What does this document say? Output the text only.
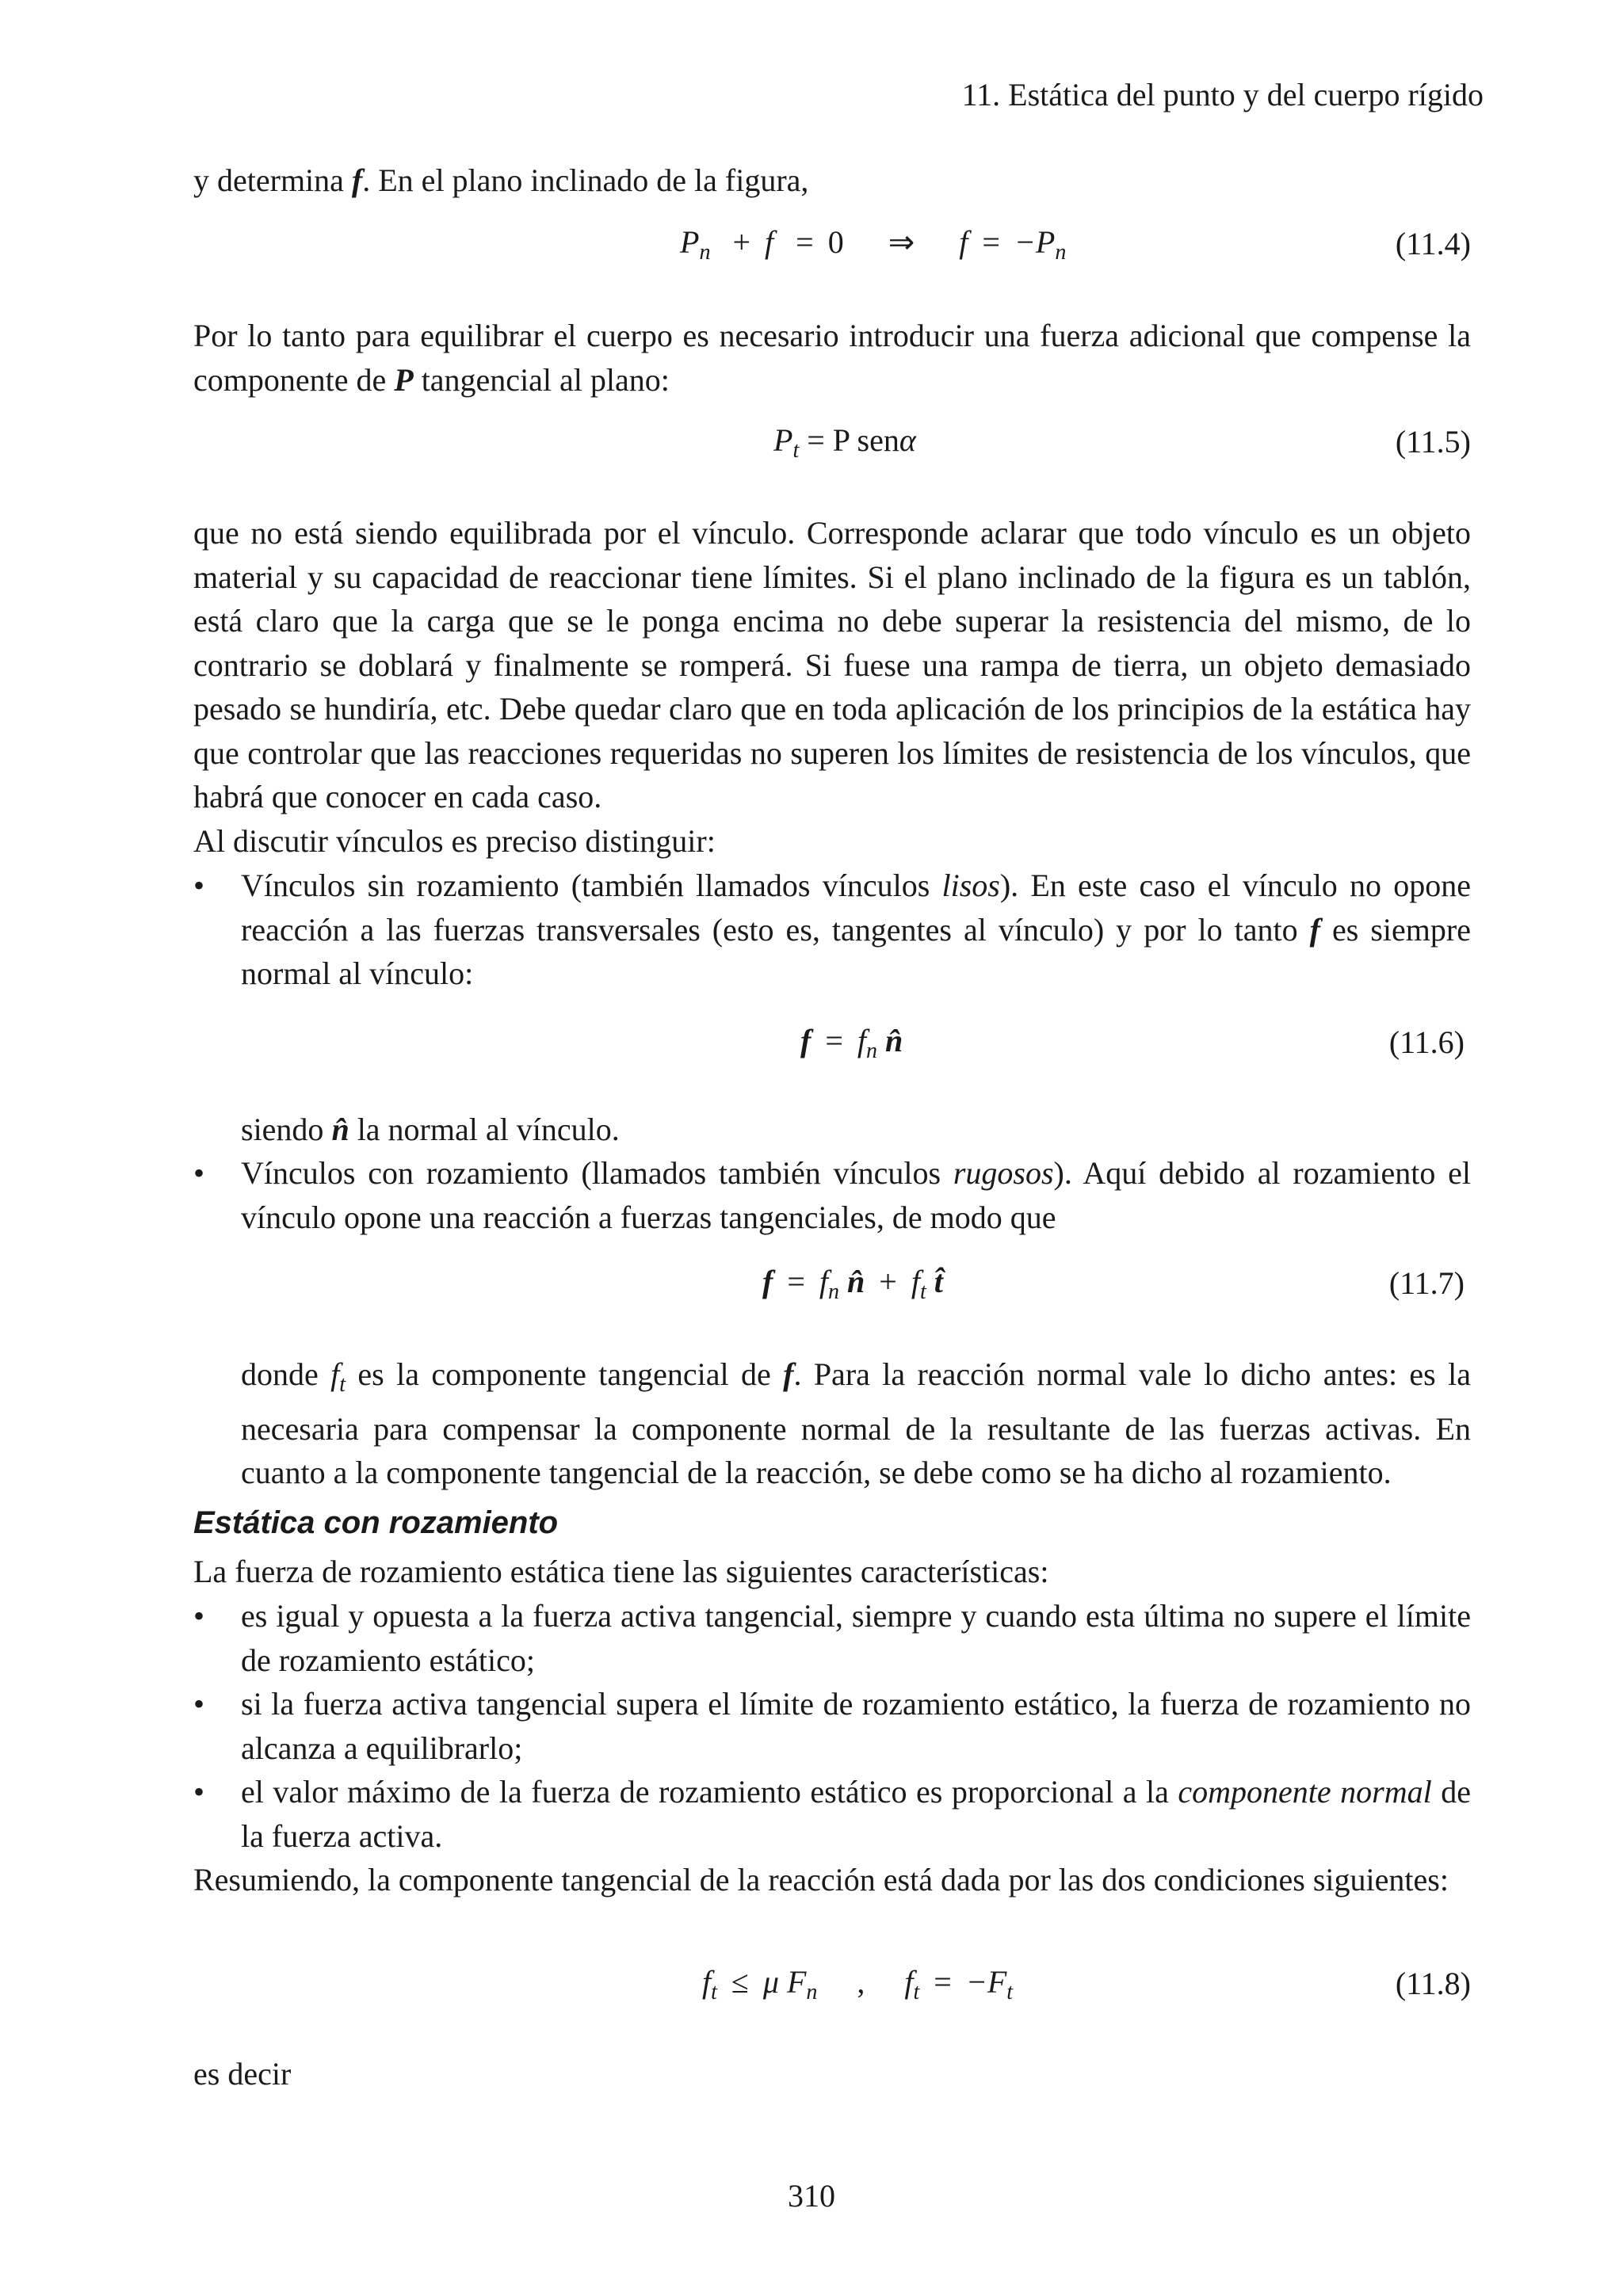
11. Estática del punto y del cuerpo rígido

y determina f. En el plano inclinado de la figura,

$P_n + f = 0$ ⇒ $f = -P_n$	(11.4)

Por lo tanto para equilibrar el cuerpo es necesario introducir una fuerza adicional que compense la componente de P tangencial al plano:

$P_t = P$ senα	(11.5)

que no está siendo equilibrada por el vínculo. Corresponde aclarar que todo vínculo es un objeto material y su capacidad de reaccionar tiene límites. Si el plano inclinado de la figura es un tablón, está claro que la carga que se le ponga encima no debe superar la resistencia del mismo, de lo contrario se doblará y finalmente se romperá. Si fuese una rampa de tierra, un objeto demasiado pesado se hundiría, etc. Debe quedar claro que en toda aplicación de los principios de la estática hay que controlar que las reacciones requeridas no superen los límites de resistencia de los vínculos, que habrá que conocer en cada caso.

Al discutir vínculos es preciso distinguir:

• Vínculos sin rozamiento (también llamados vínculos lisos). En este caso el vínculo no opone reacción a las fuerzas transversales (esto es, tangentes al vínculo) y por lo tanto f es siempre normal al vínculo:

$f = f_n$ n̂	(11.6)

siendo n̂ la normal al vínculo.

• Vínculos con rozamiento (llamados también vínculos rugosos). Aquí debido al rozamiento el vínculo opone una reacción a fuerzas tangenciales, de modo que

$f = f_n$ n̂ + $f_t$ t̂	(11.7)

donde $f_t$ es la componente tangencial de f. Para la reacción normal vale lo dicho antes: es la necesaria para compensar la componente normal de la resultante de las fuerzas activas. En cuanto a la componente tangencial de la reacción, se debe como se ha dicho al rozamiento.

Estática con rozamiento

La fuerza de rozamiento estática tiene las siguientes características:

• es igual y opuesta a la fuerza activa tangencial, siempre y cuando esta última no supere el límite de rozamiento estático;

• si la fuerza activa tangencial supera el límite de rozamiento estático, la fuerza de rozamiento no alcanza a equilibrarlo;

• el valor máximo de la fuerza de rozamiento estático es proporcional a la componente normal de la fuerza activa.

Resumiendo, la componente tangencial de la reacción está dada por las dos condiciones siguientes:

$f_t \le \mu$ $F_n$ , $f_t = -F_t$	(11.8)

es decir

310
